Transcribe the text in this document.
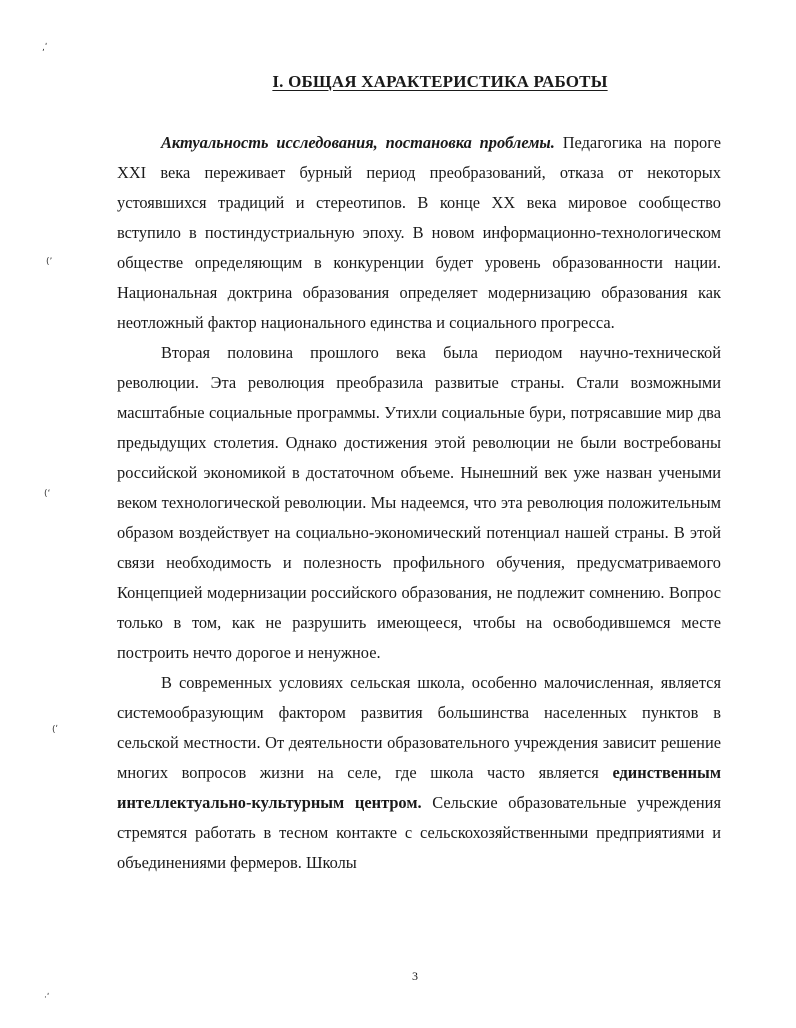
,ʹ
(ʼ
(ʻ
(ʹ
·ʹ
I. ОБЩАЯ ХАРАКТЕРИСТИКА РАБОТЫ

Актуальность исследования, постановка проблемы. Педагогика на пороге XXI века переживает бурный период преобразований, отказа от некоторых устоявшихся традиций и стереотипов. В конце XX века мировое сообщество вступило в постиндустриальную эпоху. В новом информационно-технологическом обществе определяющим в конкуренции будет уровень образованности нации. Национальная доктрина образования определяет модернизацию образования как неотложный фактор национального единства и социального прогресса.

Вторая половина прошлого века была периодом научно-технической революции. Эта революция преобразила развитые страны. Стали возможными масштабные социальные программы. Утихли социальные бури, потрясавшие мир два предыдущих столетия. Однако достижения этой революции не были востребованы российской экономикой в достаточном объеме. Нынешний век уже назван учеными веком технологической революции. Мы надеемся, что эта революция положительным образом воздействует на социально-экономический потенциал нашей страны. В этой связи необходимость и полезность профильного обучения, предусматриваемого Концепцией модернизации российского образования, не подлежит сомнению. Вопрос только в том, как не разрушить имеющееся, чтобы на освободившемся месте построить нечто дорогое и ненужное.

В современных условиях сельская школа, особенно малочисленная, является системообразующим фактором развития большинства населенных пунктов в сельской местности. От деятельности образовательного учреждения зависит решение многих вопросов жизни на селе, где школа часто является единственным интеллектуально-культурным центром. Сельские образовательные учреждения стремятся работать в тесном контакте с сельскохозяйственными предприятиями и объединениями фермеров. Школы

3
